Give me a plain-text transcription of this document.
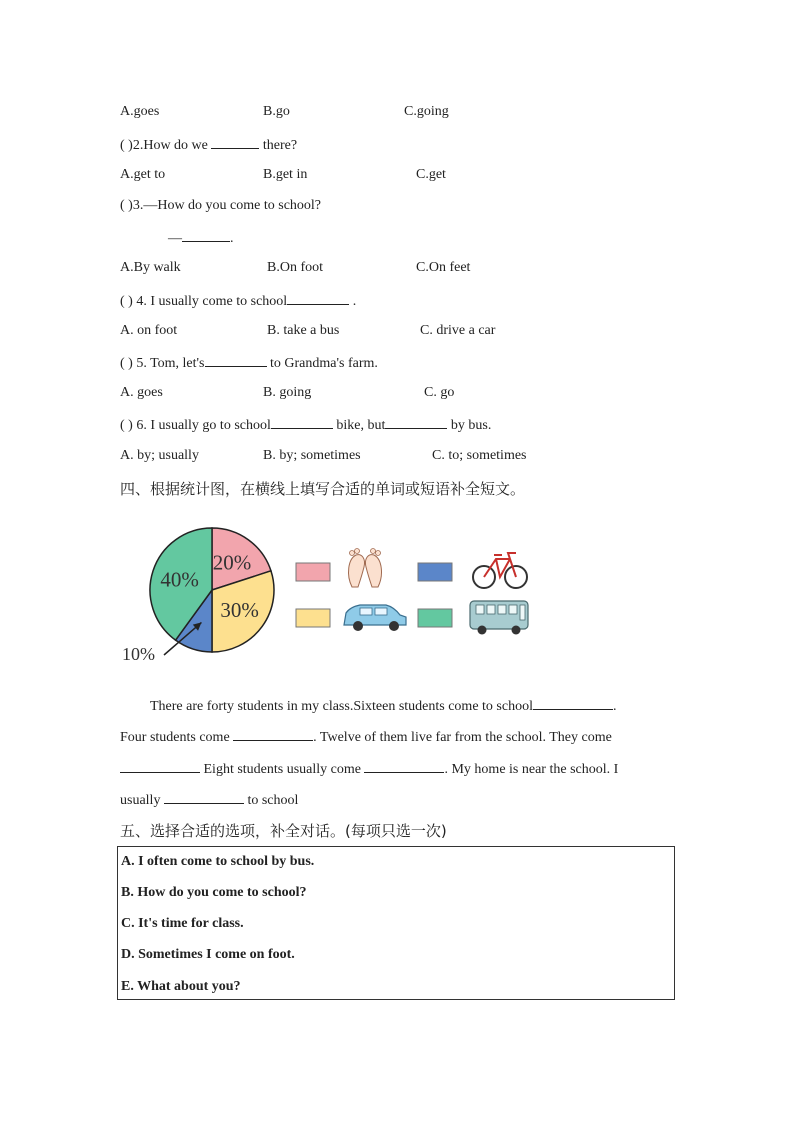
A.goes	B.go	C.going
( )2.How do we	there?
A.get to	B.get in	C.get
( )3.—How do you come to school?
—	.
A.By walk	B.On foot	C.On feet
( ) 4. I usually come to school	.
A. on foot	B. take a bus	C. drive a car
( ) 5. Tom, let's	to Grandma's farm.
A. goes	B. going	C. go
( ) 6. I usually go to school	bike, but	by bus.
A. by; usually	B. by; sometimes	C. to; sometimes
四、根据统计图，在横线上填写合适的单词或短语补全短文。
20%
30%
10%
40%
There are forty students in my class.Sixteen students come to school	.
Four students come	. Twelve of them live far from the school. They come
Eight students usually come	. My home is near the school. I
usually	to school
五、选择合适的选项，补全对话。(每项只选一次)
A. I often come to school by bus.
B. How do you come to school?
C. It's time for class.
D. Sometimes I come on foot.
E. What about you?
